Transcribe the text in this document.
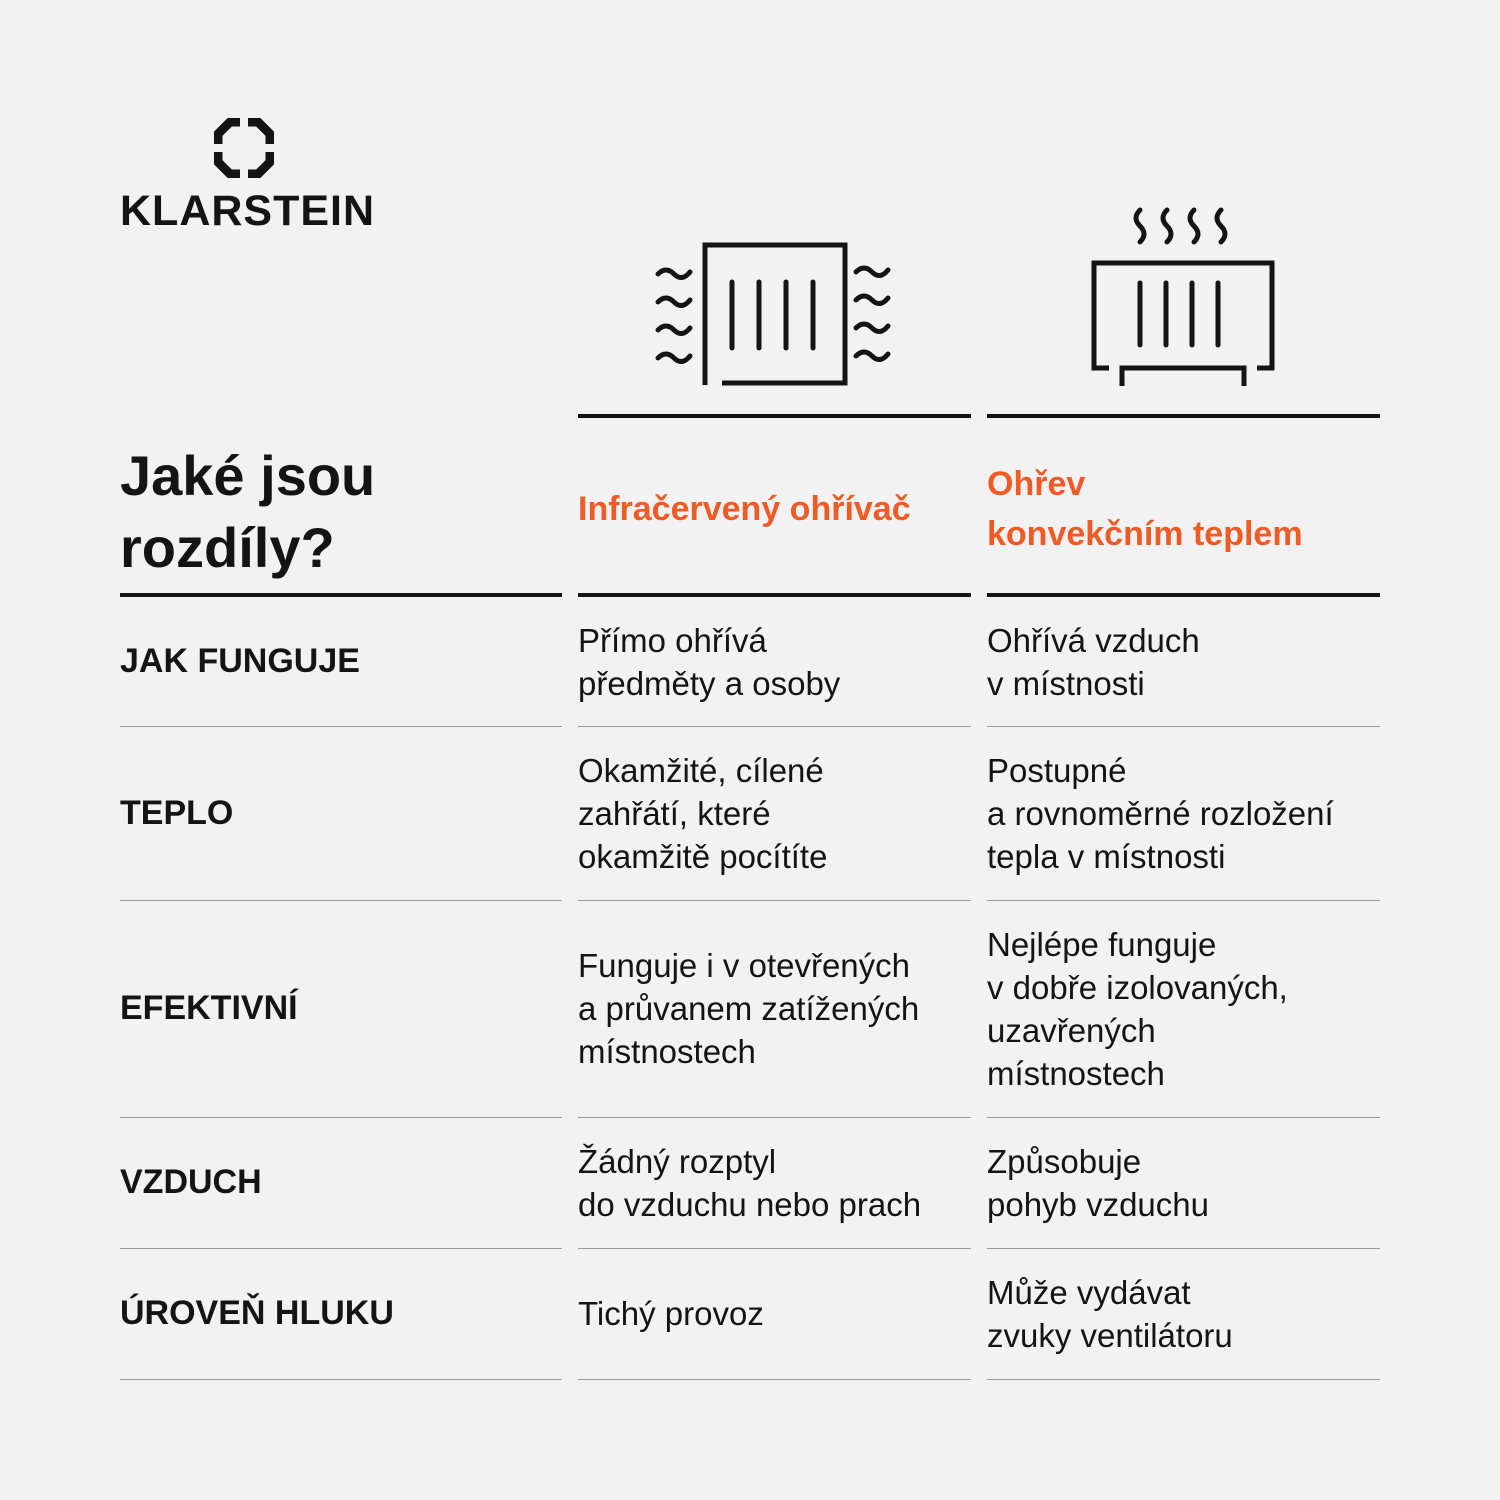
KLARSTEIN
Jaké jsou
rozdíly?
Infračervený ohřívač
Ohřev
konvekčním teplem
JAK FUNGUJE
Přímo ohřívá
předměty a osoby
Ohřívá vzduch
v místnosti
TEPLO
Okamžité, cílené
zahřátí, které
okamžitě pocítíte
Postupné
a rovnoměrné rozložení
tepla v místnosti
EFEKTIVNÍ
Funguje i v otevřených
a průvanem zatížených
místnostech
Nejlépe funguje
v dobře izolovaných,
uzavřených
místnostech
VZDUCH
Žádný rozptyl
do vzduchu nebo prach
Způsobuje
pohyb vzduchu
ÚROVEŇ HLUKU	Tichý provoz
Může vydávat
zvuky ventilátoru
